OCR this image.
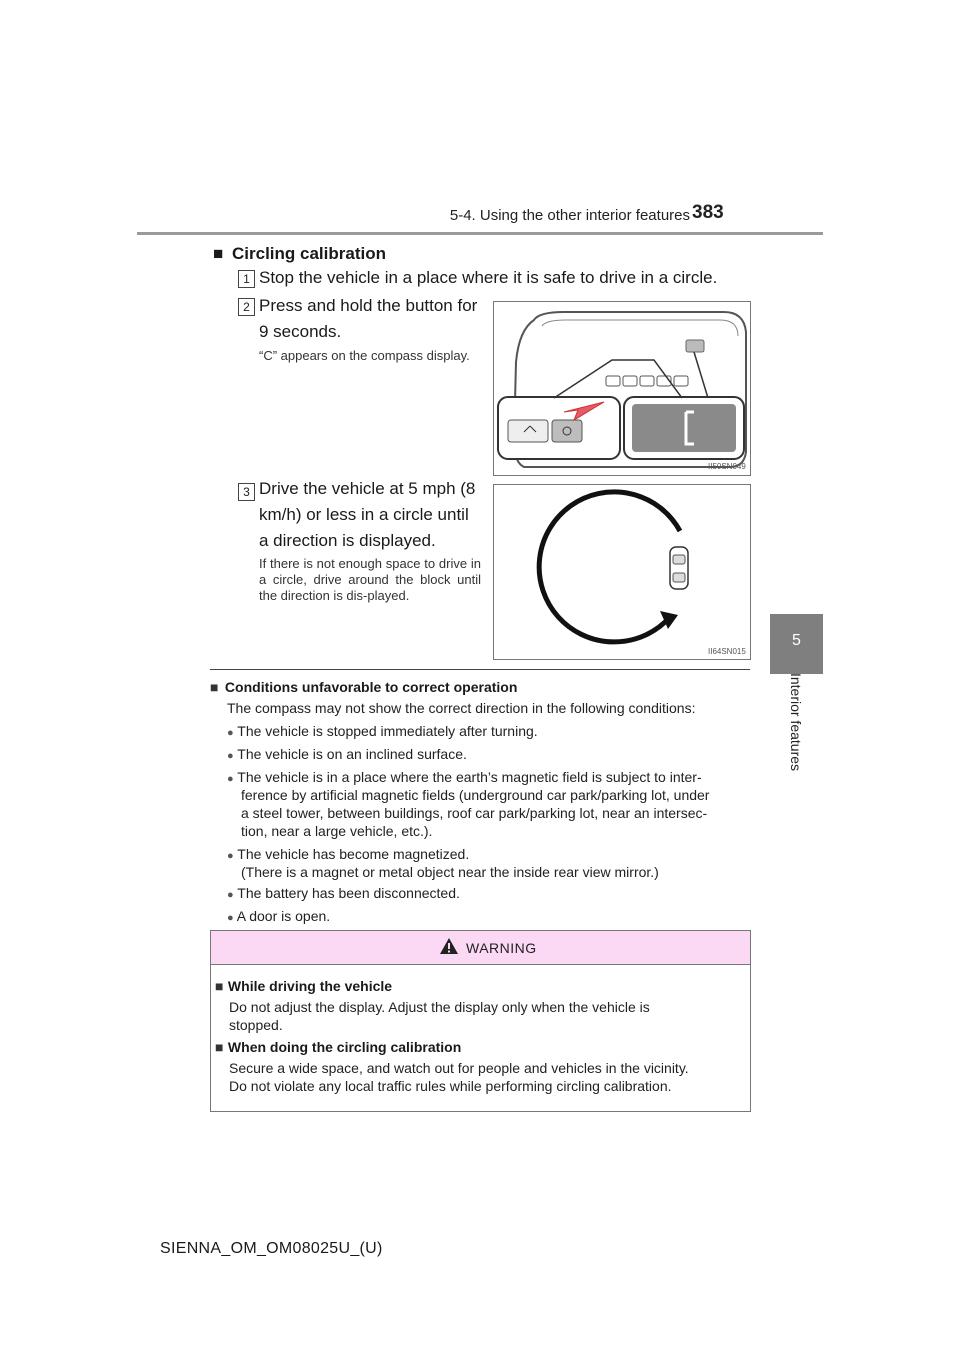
5-4. Using the other interior features 383
5
Interior features
■ Circling calibration
1 Stop the vehicle in a place where it is safe to drive in a circle.
2 Press and hold the button for
9 seconds.
“C” appears on the compass display.
II50SN049
3 Drive the vehicle at 5 mph (8
km/h) or less in a circle until
a direction is displayed.
If there is not enough space to drive in a circle, drive around the block until the direction is dis-played.
II64SN015
■ Conditions unfavorable to correct operation
The compass may not show the correct direction in the following conditions:
● The vehicle is stopped immediately after turning.
● The vehicle is on an inclined surface.
● The vehicle is in a place where the earth’s magnetic field is subject to inter-
ference by artificial magnetic fields (underground car park/parking lot, under
a steel tower, between buildings, roof car park/parking lot, near an intersec-
tion, near a large vehicle, etc.).
● The vehicle has become magnetized.
(There is a magnet or metal object near the inside rear view mirror.)
● The battery has been disconnected.
● A door is open.
WARNING
■ While driving the vehicle
Do not adjust the display. Adjust the display only when the vehicle is
stopped.
■ When doing the circling calibration
Secure a wide space, and watch out for people and vehicles in the vicinity.
Do not violate any local traffic rules while performing circling calibration.
SIENNA_OM_OM08025U_(U)
